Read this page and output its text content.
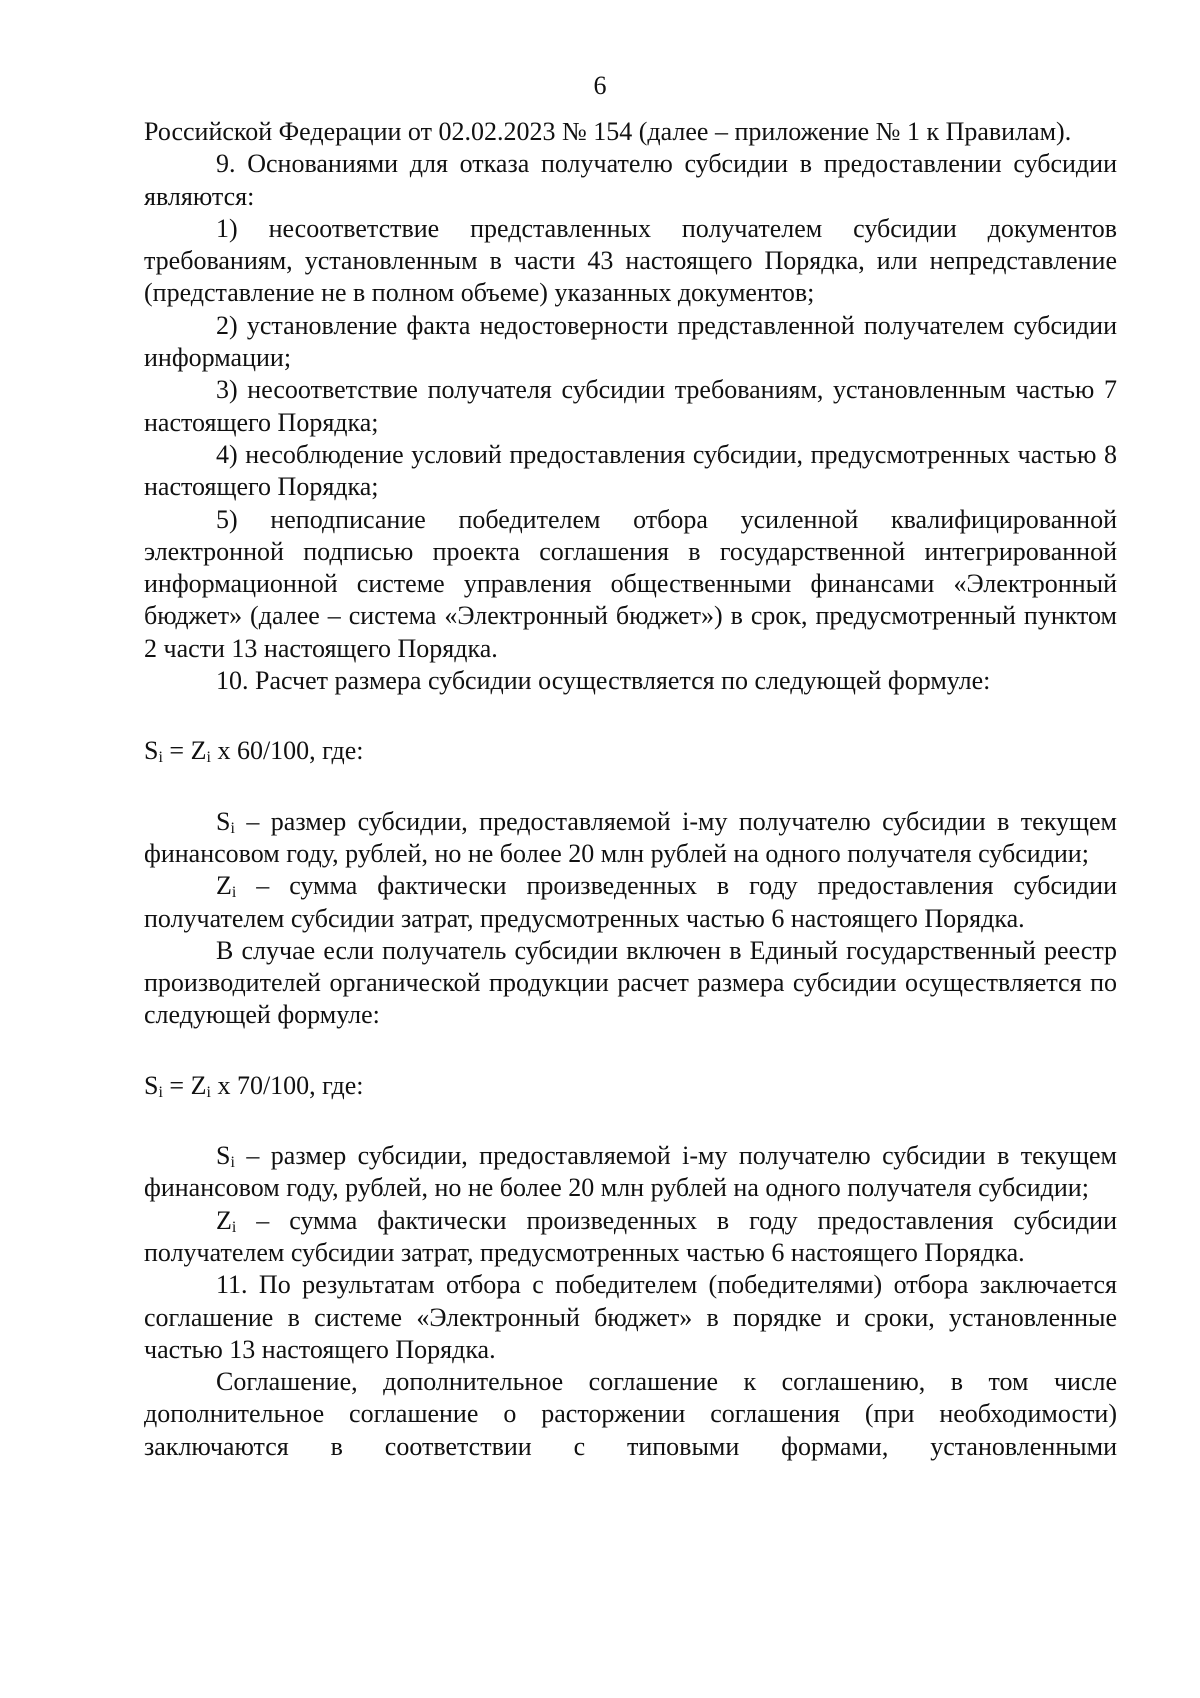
6

Российской Федерации от 02.02.2023 № 154 (далее – приложение № 1 к Правилам).

9. Основаниями для отказа получателю субсидии в предоставлении субсидии являются:

1) несоответствие представленных получателем субсидии документов требованиям, установленным в части 43 настоящего Порядка, или непредставление (представление не в полном объеме) указанных документов;

2) установление факта недостоверности представленной получателем субсидии информации;

3) несоответствие получателя субсидии требованиям, установленным частью 7 настоящего Порядка;

4) несоблюдение условий предоставления субсидии, предусмотренных частью 8 настоящего Порядка;

5) неподписание победителем отбора усиленной квалифицированной электронной подписью проекта соглашения в государственной интегрированной информационной системе управления общественными финансами «Электронный бюджет» (далее – система «Электронный бюджет») в срок, предусмотренный пунктом 2 части 13 настоящего Порядка.

10. Расчет размера субсидии осуществляется по следующей формуле:

$S_i = Z_i$ x 60/100, где:

$S_i$ – размер субсидии, предоставляемой i-му получателю субсидии в текущем финансовом году, рублей, но не более 20 млн рублей на одного получателя субсидии;

$Z_i$ – сумма фактически произведенных в году предоставления субсидии получателем субсидии затрат, предусмотренных частью 6 настоящего Порядка.

В случае если получатель субсидии включен в Единый государственный реестр производителей органической продукции расчет размера субсидии осуществляется по следующей формуле:

$S_i = Z_i$ x 70/100, где:

$S_i$ – размер субсидии, предоставляемой i-му получателю субсидии в текущем финансовом году, рублей, но не более 20 млн рублей на одного получателя субсидии;

$Z_i$ – сумма фактически произведенных в году предоставления субсидии получателем субсидии затрат, предусмотренных частью 6 настоящего Порядка.

11. По результатам отбора с победителем (победителями) отбора заключается соглашение в системе «Электронный бюджет» в порядке и сроки, установленные частью 13 настоящего Порядка.

Соглашение, дополнительное соглашение к соглашению, в том числе дополнительное соглашение о расторжении соглашения (при необходимости) заключаются в соответствии с типовыми формами, установленными
